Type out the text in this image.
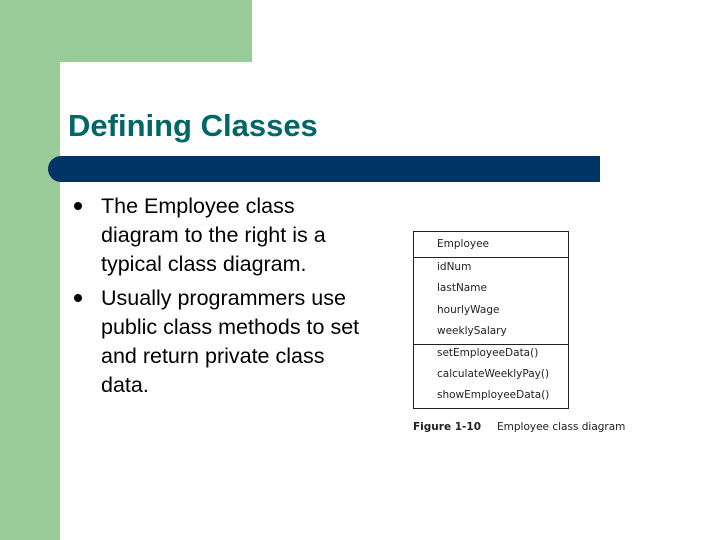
Defining Classes
The Employee class diagram to the right is a typical class diagram.
Usually programmers use public class methods to set and return private class data.
Employee
idNum
lastName
hourlyWage
weeklySalary
setEmployeeData()
calculateWeeklyPay()
showEmployeeData()
Figure 1-10 Employee class diagram
